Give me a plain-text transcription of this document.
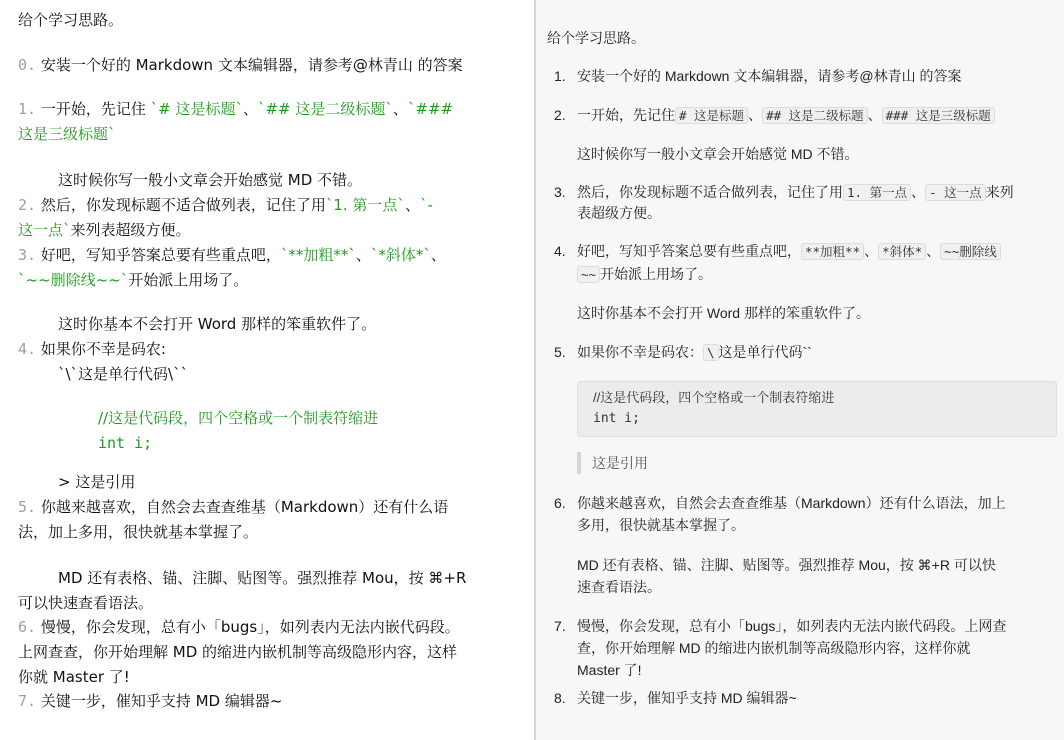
给个学习思路。
0. 安装一个好的 Markdown 文本编辑器，请参考@林青山 的答案
1. 一开始，先记住 `# 这是标题`、`## 这是二级标题`、`###
这是三级标题`
这时候你写一般小文章会开始感觉 MD 不错。
2. 然后，你发现标题不适合做列表，记住了用`1. 第一点`、`-
这一点`来列表超级方便。
3. 好吧，写知乎答案总要有些重点吧，`**加粗**`、`*斜体*`、
`~~删除线~~`开始派上用场了。
这时你基本不会打开 Word 那样的笨重软件了。
4. 如果你不幸是码农:
`\`这是单行代码\``
//这是代码段，四个空格或一个制表符缩进
int i;
> 这是引用
5. 你越来越喜欢，自然会去查查维基（Markdown）还有什么语
法，加上多用，很快就基本掌握了。
MD 还有表格、锚、注脚、贴图等。强烈推荐 Mou，按 ⌘+R
可以快速查看语法。
6. 慢慢，你会发现，总有小「bugs」，如列表内无法内嵌代码段。
上网查查，你开始理解 MD 的缩进内嵌机制等高级隐形内容，这样
你就 Master 了!
7. 关键一步，催知乎支持 MD 编辑器~
给个学习思路。
1. 安装一个好的 Markdown 文本编辑器，请参考@林青山 的答案
2. 一开始，先记住 # 这是标题 、 ## 这是二级标题 、 ### 这是三级标题
这时候你写一般小文章会开始感觉 MD 不错。
3. 然后，你发现标题不适合做列表，记住了用 1. 第一点 、 - 这一点 来列
表超级方便。
4. 好吧，写知乎答案总要有些重点吧， **加粗** 、 *斜体* 、 ~~删除线
~~ 开始派上用场了。
这时你基本不会打开 Word 那样的笨重软件了。
5. 如果你不幸是码农： \ 这是单行代码``
//这是代码段，四个空格或一个制表符缩进
int i;
这是引用
6. 你越来越喜欢，自然会去查查维基（Markdown）还有什么语法，加上
多用，很快就基本掌握了。
MD 还有表格、锚、注脚、贴图等。强烈推荐 Mou，按 ⌘+R 可以快
速查看语法。
7. 慢慢，你会发现，总有小「bugs」，如列表内无法内嵌代码段。上网查
查，你开始理解 MD 的缩进内嵌机制等高级隐形内容，这样你就
Master 了!
8. 关键一步，催知乎支持 MD 编辑器~
